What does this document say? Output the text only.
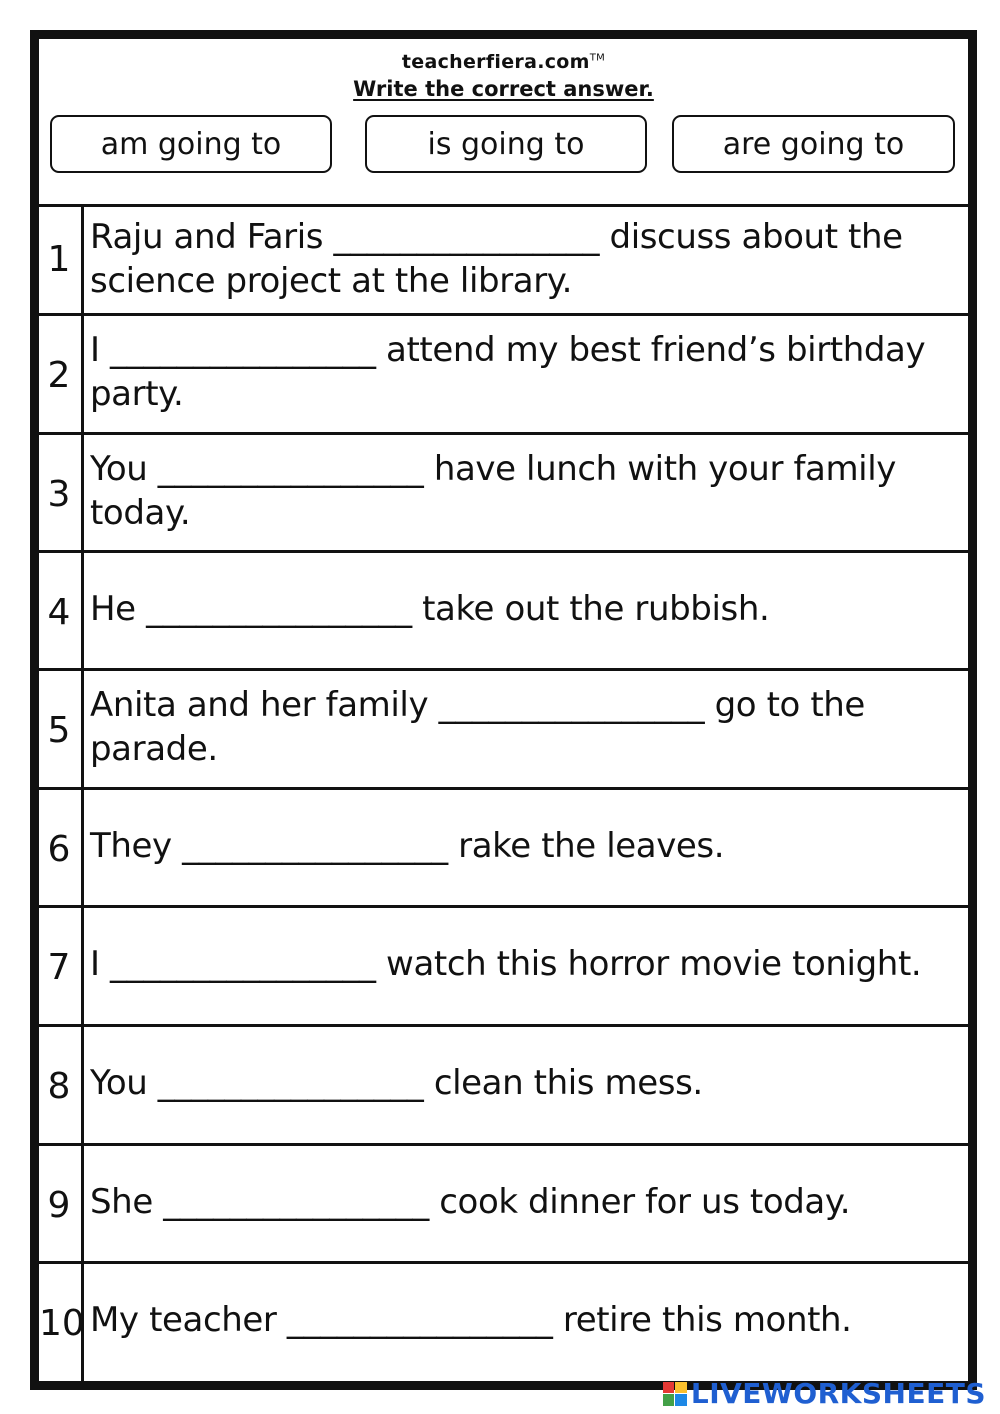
teacherfiera.com™
Write the correct answer.
am going to	is going to	are going to
1
Raju and Faris ________________ discuss about the science project at the library.
2
I ________________ attend my best friend’s birthday party.
3
You ________________ have lunch with your family today.
4 He ________________ take out the rubbish.
5
Anita and her family ________________ go to the parade.
6 They ________________ rake the leaves.
7 I ________________ watch this horror movie tonight.
8 You ________________ clean this mess.
9 She ________________ cook dinner for us today.
10 My teacher ________________ retire this month.
LIVEWORKSHEETS
